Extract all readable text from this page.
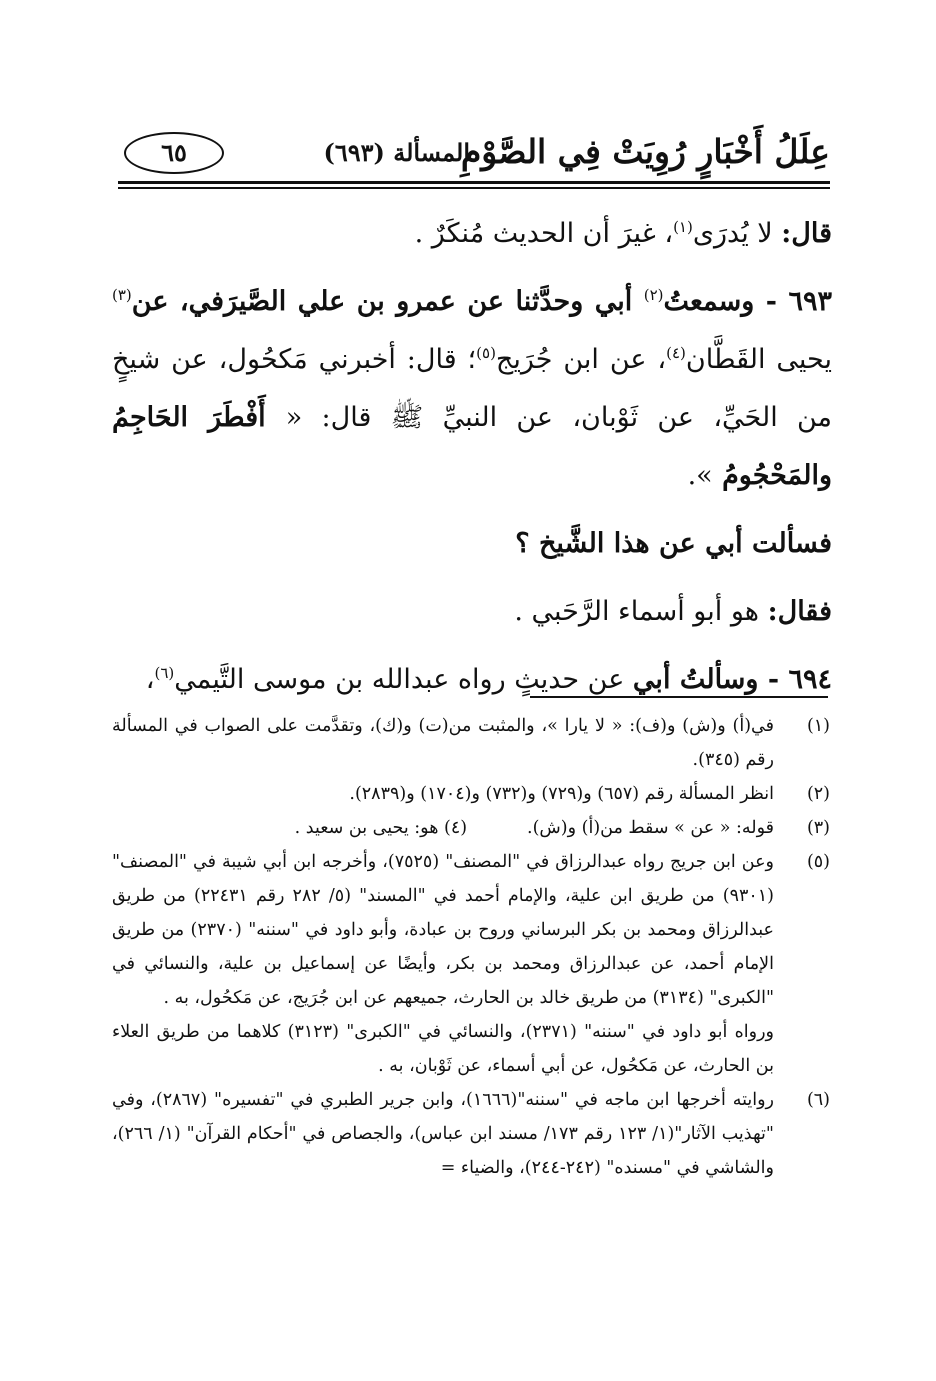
عِلَلُ أَخْبَارٍ رُوِيَتْ فِي الصَّوْمِ
المسألة (٦٩٣)
٦٥

قال: لا يُدرَى$^{(١)}$، غيرَ أن الحديث مُنكَرٌ .

٦٩٣ - وسمعتُ$^{(٢)}$ أبي وحدَّثنا عن عمرو بن علي الصَّيرَفي، عن$^{(٣)}$ يحيى القَطَّان$^{(٤)}$، عن ابن جُرَيج$^{(٥)}$؛ قال: أخبرني مَكحُول، عن شيخٍ من الحَيِّ، عن ثَوْبان، عن النبيِّ ﷺ قال: « أَفْطَرَ الحَاجِمُ والمَحْجُومُ ».

فسألت أبي عن هذا الشَّيخ ؟

فقال: هو أبو أسماء الرَّحَبي .

٦٩٤ - وسألتُ أبي عن حديثٍ رواه عبدالله بن موسى التَّيمي$^{(٦)}$،

(١)
في(أ) و(ش) و(ف): « لا يارا »، والمثبت من(ت) و(ك)، وتقدَّمت على الصواب في المسألة رقم (٣٤٥).
(٢)
انظر المسألة رقم (٦٥٧) و(٧٢٩) و(٧٣٢) و(١٧٠٤) و(٢٨٣٩).
(٣)
قوله: « عن » سقط من(أ) و(ش).(٤) هو: يحيى بن سعيد .
(٥)
وعن ابن جريج رواه عبدالرزاق في "المصنف" (٧٥٢٥)، وأخرجه ابن أبي شيبة في "المصنف" (٩٣٠١) من طريق ابن علية، والإمام أحمد في "المسند" (٥/ ٢٨٢ رقم ٢٢٤٣١) من طريق عبدالرزاق ومحمد بن بكر البرساني وروح بن عبادة، وأبو داود في "سننه" (٢٣٧٠) من طريق الإمام أحمد، عن عبدالرزاق ومحمد بن بكر، وأيضًا عن إسماعيل بن علية، والنسائي في "الكبرى" (٣١٣٤) من طريق خالد بن الحارث، جميعهم عن ابن جُرَيج، عن مَكحُول، به .
ورواه أبو داود في "سننه" (٢٣٧١)، والنسائي في "الكبرى" (٣١٢٣) كلاهما من طريق العلاء بن الحارث، عن مَكحُول، عن أبي أسماء، عن ثَوْبان، به .
(٦)
روايته أخرجها ابن ماجه في "سننه"(١٦٦٦)، وابن جرير الطبري في "تفسيره" (٢٨٦٧)، وفي "تهذيب الآثار"(١/ ١٢٣ رقم ١٧٣/ مسند ابن عباس)، والجصاص في "أحكام القرآن" (١/ ٢٦٦)، والشاشي في "مسنده" (٢٤٢-٢٤٤)، والضياء =
